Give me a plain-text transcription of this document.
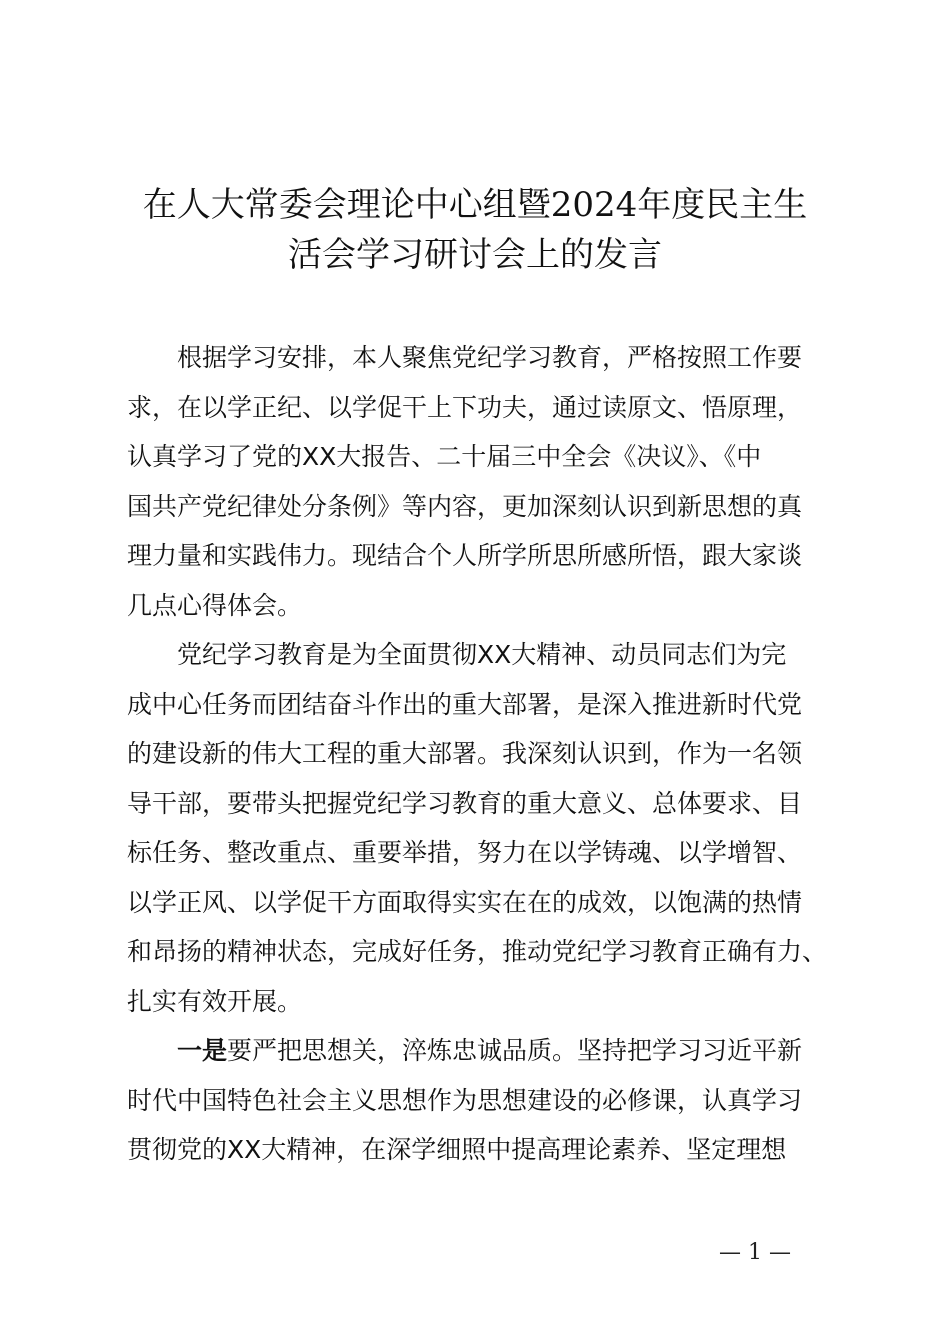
在人大常委会理论中心组暨2024年度民主生
活会学习研讨会上的发言

根据学习安排，本人聚焦党纪学习教育，严格按照工作要
求，在以学正纪、以学促干上下功夫，通过读原文、悟原理，
认真学习了党的XX大报告、二十届三中全会《决议》、《中
国共产党纪律处分条例》等内容，更加深刻认识到新思想的真
理力量和实践伟力。现结合个人所学所思所感所悟，跟大家谈
几点心得体会。

党纪学习教育是为全面贯彻XX大精神、动员同志们为完
成中心任务而团结奋斗作出的重大部署，是深入推进新时代党
的建设新的伟大工程的重大部署。我深刻认识到，作为一名领
导干部，要带头把握党纪学习教育的重大意义、总体要求、目
标任务、整改重点、重要举措，努力在以学铸魂、以学增智、
以学正风、以学促干方面取得实实在在的成效，以饱满的热情
和昂扬的精神状态，完成好任务，推动党纪学习教育正确有力、
扎实有效开展。

一是要严把思想关，淬炼忠诚品质。坚持把学习习近平新
时代中国特色社会主义思想作为思想建设的必修课，认真学习
贯彻党的XX大精神，在深学细照中提高理论素养、坚定理想

— 1 —
